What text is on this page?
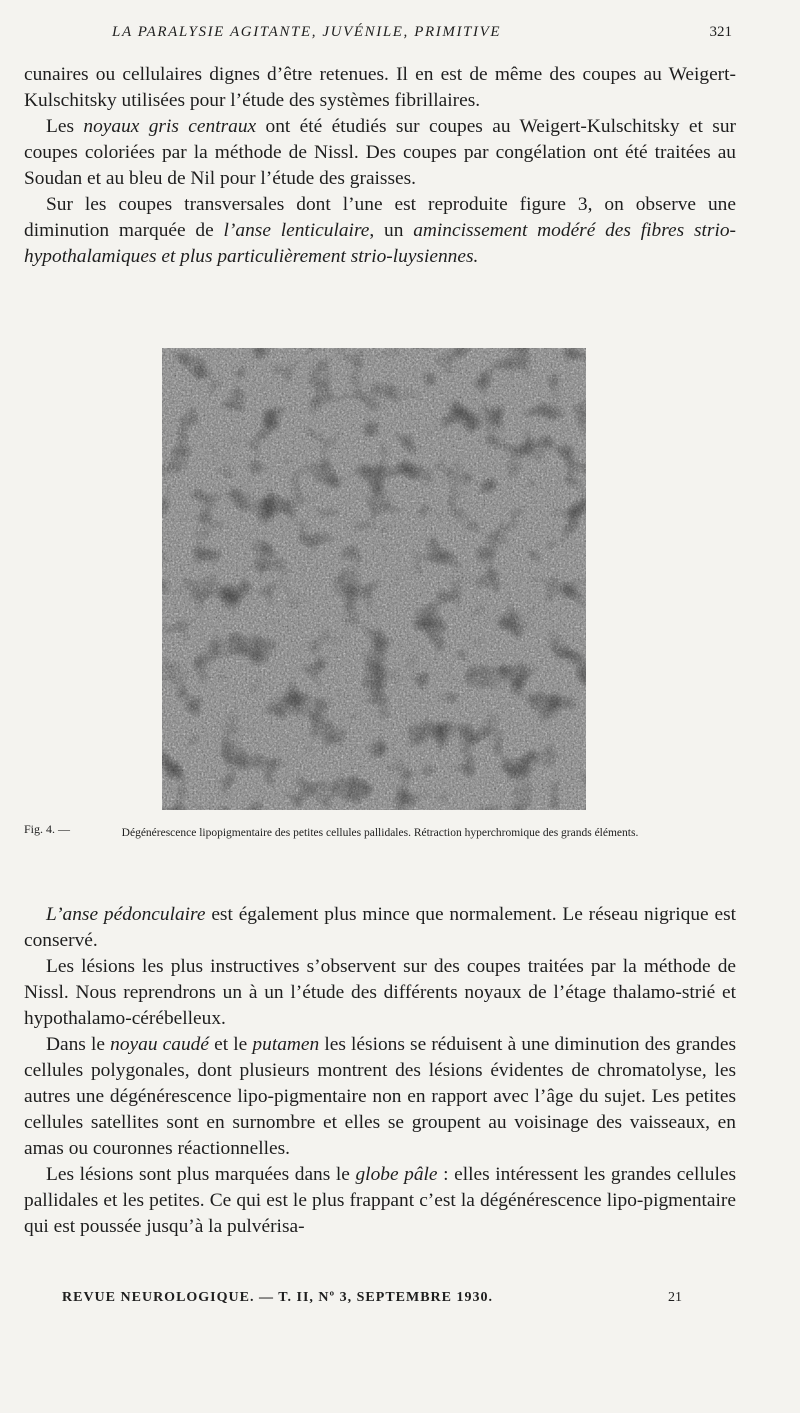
LA PARALYSIE AGITANTE, JUVÉNILE, PRIMITIVE	321

cunaires ou cellulaires dignes d’être retenues. Il en est de même des coupes au Weigert-Kulschitsky utilisées pour l’étude des systèmes fibrillaires.

Les noyaux gris centraux ont été étudiés sur coupes au Weigert-Kulschitsky et sur coupes coloriées par la méthode de Nissl. Des coupes par congélation ont été traitées au Soudan et au bleu de Nil pour l’étude des graisses.

Sur les coupes transversales dont l’une est reproduite figure 3, on observe une diminution marquée de l’anse lenticulaire, un amincissement modéré des fibres strio-hypothalamiques et plus particulièrement strio-luysiennes.

Fig. 4. —	Dégénérescence lipopigmentaire des petites cellules pallidales. Rétraction hyperchromique des grands éléments.

L’anse pédonculaire est également plus mince que normalement. Le réseau nigrique est conservé.

Les lésions les plus instructives s’observent sur des coupes traitées par la méthode de Nissl. Nous reprendrons un à un l’étude des différents noyaux de l’étage thalamo-strié et hypothalamo-cérébelleux.

Dans le noyau caudé et le putamen les lésions se réduisent à une diminution des grandes cellules polygonales, dont plusieurs montrent des lésions évidentes de chromatolyse, les autres une dégénérescence lipo-pigmentaire non en rapport avec l’âge du sujet. Les petites cellules satellites sont en surnombre et elles se groupent au voisinage des vaisseaux, en amas ou couronnes réactionnelles.

Les lésions sont plus marquées dans le globe pâle : elles intéressent les grandes cellules pallidales et les petites. Ce qui est le plus frappant c’est la dégénérescence lipo-pigmentaire qui est poussée jusqu’à la pulvérisa-

REVUE NEUROLOGIQUE. — T. II, Nº 3, SEPTEMBRE 1930.	21
